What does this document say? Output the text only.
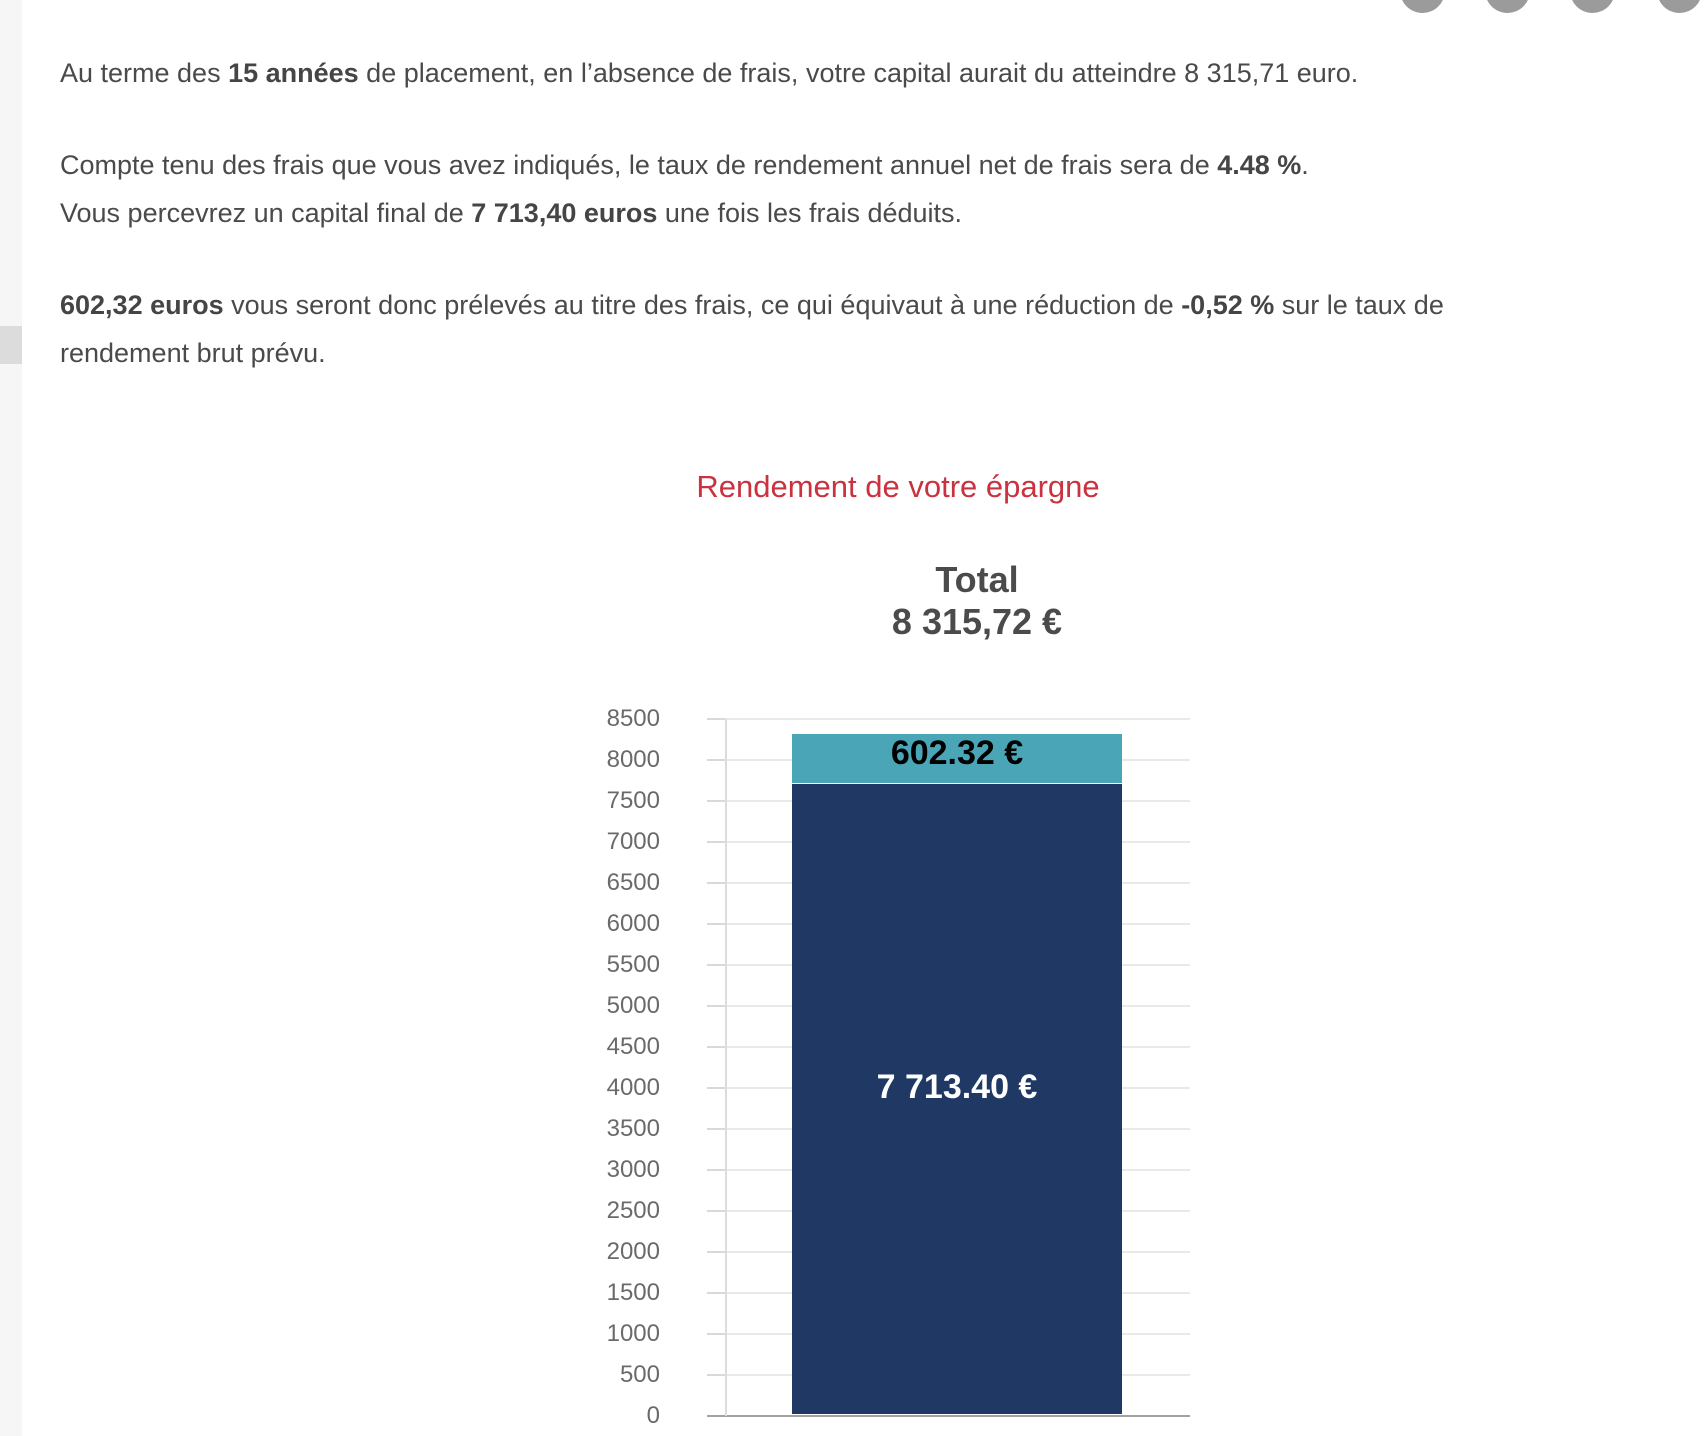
Au terme des 15 années de placement, en l’absence de frais, votre capital aurait du atteindre 8 315,71 euro.

Compte tenu des frais que vous avez indiqués, le taux de rendement annuel net de frais sera de 4.48 %.
Vous percevrez un capital final de 7 713,40 euros une fois les frais déduits.

602,32 euros vous seront donc prélevés au titre des frais, ce qui équivaut à une réduction de -0,52 % sur le taux de
rendement brut prévu.

Rendement de votre épargne
Total
8 315,72 €
0
500
1000
1500
2000
2500
3000
3500
4000
4500
5000
5500
6000
6500
7000
7500
8000
8500
7 713.40 €
602.32 €
